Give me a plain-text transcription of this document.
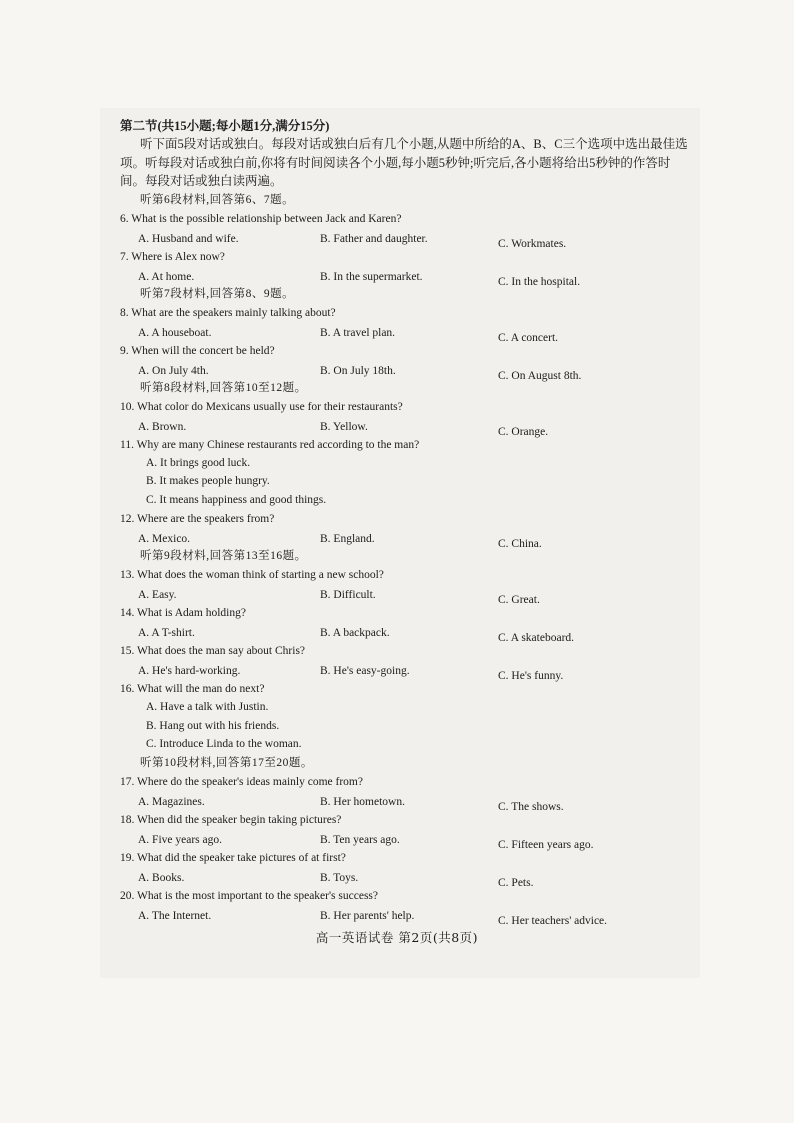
第二节(共15小题;每小题1分,满分15分)

听下面5段对话或独白。每段对话或独白后有几个小题,从题中所给的A、B、C三个选项中选出最佳选

项。听每段对话或独白前,你将有时间阅读各个小题,每小题5秒钟;听完后,各小题将给出5秒钟的作答时

间。每段对话或独白读两遍。

听第6段材料,回答第6、7题。
6. What is the possible relationship between Jack and Karen?
A. Husband and wife.	B. Father and daughter.	C. Workmates.
7. Where is Alex now?
A. At home.	B. In the supermarket.	C. In the hospital.
听第7段材料,回答第8、9题。
8. What are the speakers mainly talking about?
A. A houseboat.	B. A travel plan.	C. A concert.
9. When will the concert be held?
A. On July 4th.	B. On July 18th.	C. On August 8th.
听第8段材料,回答第10至12题。
10. What color do Mexicans usually use for their restaurants?
A. Brown.	B. Yellow.	C. Orange.
11. Why are many Chinese restaurants red according to the man?
A. It brings good luck.
B. It makes people hungry.
C. It means happiness and good things.
12. Where are the speakers from?
A. Mexico.	B. England.	C. China.
听第9段材料,回答第13至16题。
13. What does the woman think of starting a new school?
A. Easy.	B. Difficult.	C. Great.
14. What is Adam holding?
A. A T-shirt.	B. A backpack.	C. A skateboard.
15. What does the man say about Chris?
A. He's hard-working.	B. He's easy-going.	C. He's funny.
16. What will the man do next?
A. Have a talk with Justin.
B. Hang out with his friends.
C. Introduce Linda to the woman.
听第10段材料,回答第17至20题。
17. Where do the speaker's ideas mainly come from?
A. Magazines.	B. Her hometown.	C. The shows.
18. When did the speaker begin taking pictures?
A. Five years ago.	B. Ten years ago.	C. Fifteen years ago.
19. What did the speaker take pictures of at first?
A. Books.	B. Toys.	C. Pets.
20. What is the most important to the speaker's success?
A. The Internet.	B. Her parents' help.	C. Her teachers' advice.
高一英语试卷 第2页(共8页)
